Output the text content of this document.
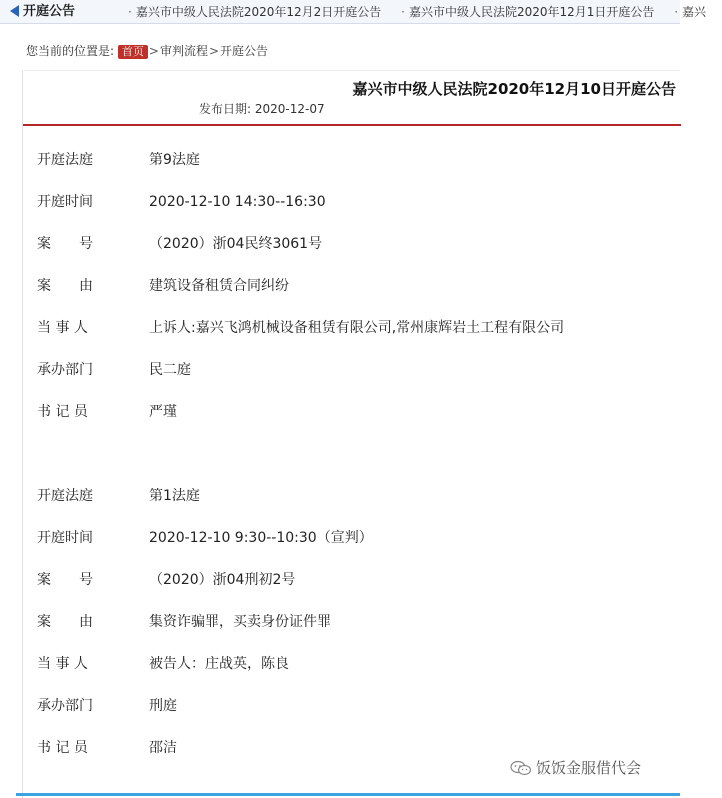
开庭公告	· 嘉兴市中级人民法院2020年12月2日开庭公告 · 嘉兴市中级人民法院2020年12月1日开庭公告 · 嘉兴
您当前的位置是: 首页 >审判流程>开庭公告
嘉兴市中级人民法院2020年12月10日开庭公告
发布日期: 2020-12-07
开庭法庭	第9法庭
开庭时间	2020-12-10 14:30--16:30
案　　号	（2020）浙04民终3061号
案　　由	建筑设备租赁合同纠纷
当 事 人	上诉人:嘉兴飞鸿机械设备租赁有限公司,常州康辉岩土工程有限公司
承办部门	民二庭
书 记 员	严瑾
开庭法庭	第1法庭
开庭时间	2020-12-10 9:30--10:30（宣判）
案　　号	（2020）浙04刑初2号
案　　由	集资诈骗罪，买卖身份证件罪
当 事 人	被告人：庄战英，陈良
承办部门	刑庭
书 记 员	邵洁
饭饭金服借代会
